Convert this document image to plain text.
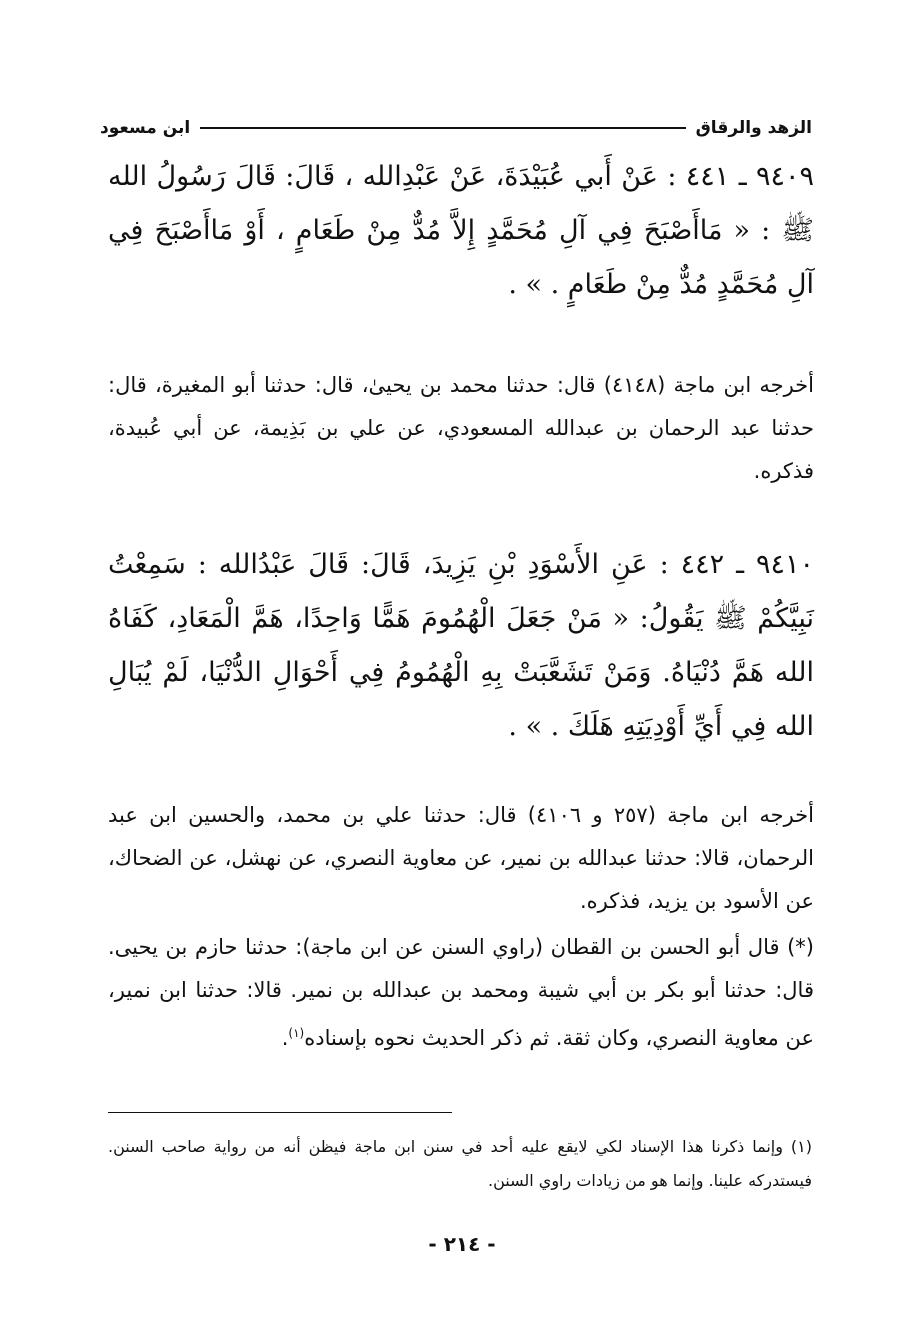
الزهد والرقاق
ابن مسعود
٩٤٠٩ ـ ٤٤١ : عَنْ أَبي عُبَيْدَةَ، عَنْ عَبْدِالله ، قَالَ: قَالَ رَسُولُ الله ﷺ : « مَاأَصْبَحَ فِي آلِ مُحَمَّدٍ إِلاَّ مُدٌّ مِنْ طَعَامٍ ، أَوْ مَاأَصْبَحَ فِي آلِ مُحَمَّدٍ مُدٌّ مِنْ طَعَامٍ . » .
أخرجه ابن ماجة (٤١٤٨) قال: حدثنا محمد بن يحيىٰ، قال: حدثنا أبو المغيرة، قال: حدثنا عبد الرحمان بن عبدالله المسعودي، عن علي بن بَذِيمة، عن أبي عُبيدة، فذكره.
٩٤١٠ ـ ٤٤٢ : عَنِ الأَسْوَدِ بْنِ يَزِيدَ، قَالَ: قَالَ عَبْدُالله : سَمِعْتُ نَبِيَّكُمْ ﷺ يَقُولُ: « مَنْ جَعَلَ الْهُمُومَ هَمًّا وَاحِدًا، هَمَّ الْمَعَادِ، كَفَاهُ الله هَمَّ دُنْيَاهُ. وَمَنْ تَشَعَّبَتْ بِهِ الْهُمُومُ فِي أَحْوَالِ الدُّنْيَا، لَمْ يُبَالِ الله فِي أَيِّ أَوْدِيَتِهِ هَلَكَ . » .
أخرجه ابن ماجة (٢٥٧ و ٤١٠٦) قال: حدثنا علي بن محمد، والحسين ابن عبد الرحمان، قالا: حدثنا عبدالله بن نمير، عن معاوية النصري، عن نهشل، عن الضحاك، عن الأسود بن يزيد، فذكره.
(*) قال أبو الحسن بن القطان (راوي السنن عن ابن ماجة): حدثنا حازم بن يحيى. قال: حدثنا أبو بكر بن أبي شيبة ومحمد بن عبدالله بن نمير. قالا: حدثنا ابن نمير، عن معاوية النصري، وكان ثقة. ثم ذكر الحديث نحوه بإسناده$^{(١)}$.
(١) وإنما ذكرنا هذا الإسناد لكي لايقع عليه أحد في سنن ابن ماجة فيظن أنه من رواية صاحب السنن. فيستدركه علينا. وإنما هو من زيادات راوي السنن.
- ٢١٤ -
